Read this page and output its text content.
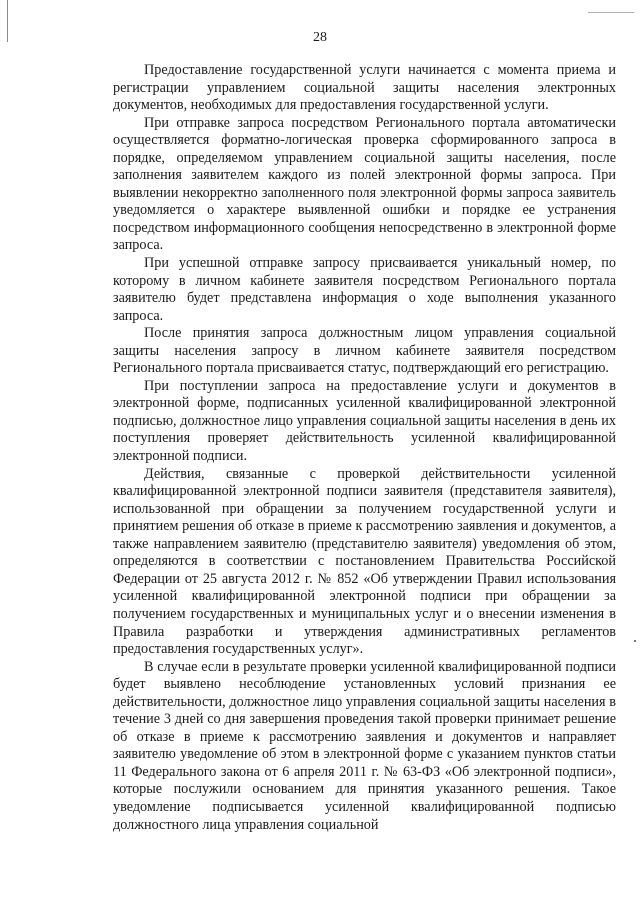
28

Предоставление государственной услуги начинается с момента приема и регистрации управлением социальной защиты населения электронных документов, необходимых для предоставления государственной услуги.

При отправке запроса посредством Регионального портала автоматически осуществляется форматно-логическая проверка сформированного запроса в порядке, определяемом управлением социальной защиты населения, после заполнения заявителем каждого из полей электронной формы запроса. При выявлении некорректно заполненного поля электронной формы запроса заявитель уведомляется о характере выявленной ошибки и порядке ее устранения посредством информационного сообщения непосредственно в электронной форме запроса.

При успешной отправке запросу присваивается уникальный номер, по которому в личном кабинете заявителя посредством Регионального портала заявителю будет представлена информация о ходе выполнения указанного запроса.

После принятия запроса должностным лицом управления социальной защиты населения запросу в личном кабинете заявителя посредством Регионального портала присваивается статус, подтверждающий его регистрацию.

При поступлении запроса на предоставление услуги и документов в электронной форме, подписанных усиленной квалифицированной электронной подписью, должностное лицо управления социальной защиты населения в день их поступления проверяет действительность усиленной квалифицированной электронной подписи.

Действия, связанные с проверкой действительности усиленной квалифицированной электронной подписи заявителя (представителя заявителя), использованной при обращении за получением государственной услуги и принятием решения об отказе в приеме к рассмотрению заявления и документов, а также направлением заявителю (представителю заявителя) уведомления об этом, определяются в соответствии с постановлением Правительства Российской Федерации от 25 августа 2012 г. № 852 «Об утверждении Правил использования усиленной квалифицированной электронной подписи при обращении за получением государственных и муниципальных услуг и о внесении изменения в Правила разработки и утверждения административных регламентов предоставления государственных услуг».

В случае если в результате проверки усиленной квалифицированной подписи будет выявлено несоблюдение установленных условий признания ее действительности, должностное лицо управления социальной защиты населения в течение 3 дней со дня завершения проведения такой проверки принимает решение об отказе в приеме к рассмотрению заявления и документов и направляет заявителю уведомление об этом в электронной форме с указанием пунктов статьи 11 Федерального закона от 6 апреля 2011 г. № 63-ФЗ «Об электронной подписи», которые послужили основанием для принятия указанного решения. Такое уведомление подписывается усиленной квалифицированной подписью должностного лица управления социальной
